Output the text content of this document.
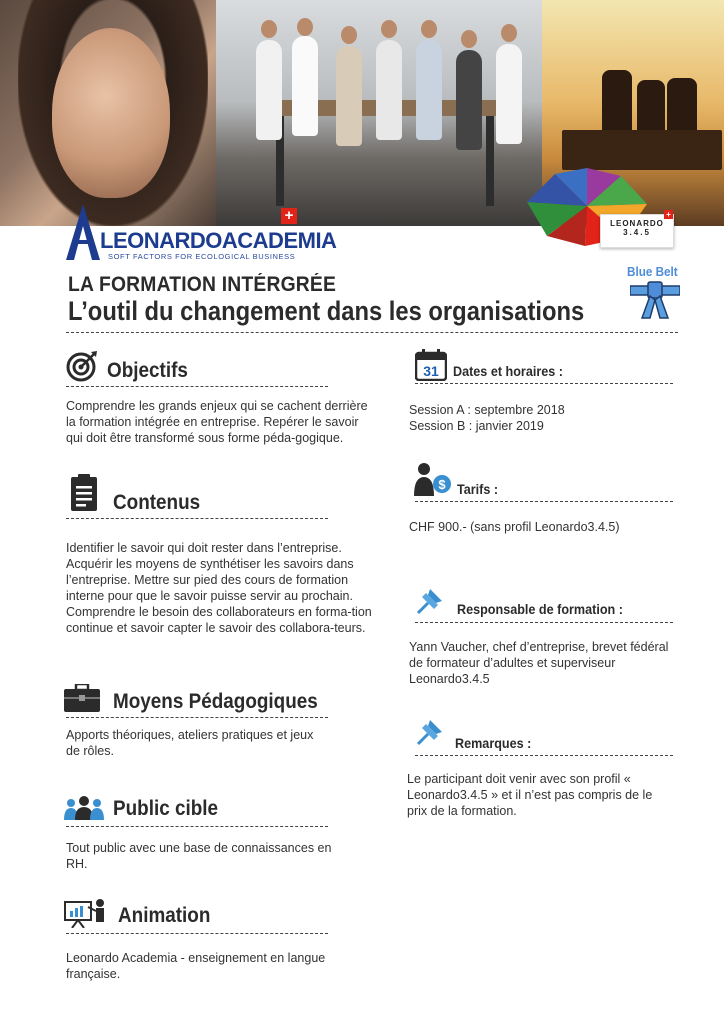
+	LEONARDO
3.4.5
+
LEONARDOACADEMIA
SOFT FACTORS FOR ECOLOGICAL BUSINESS
LA FORMATION INTÉRGRÉE
L’outil du changement dans les organisations
Blue Belt
Objectifs
Comprendre les grands enjeux qui se cachent derrière la formation intégrée en entreprise. Repérer le savoir qui doit être transformé sous forme péda-gogique.
Contenus
Identifier le savoir qui doit rester dans l’entreprise. Acquérir les moyens de synthétiser les savoirs dans l’entreprise. Mettre sur pied des cours de formation interne pour que le savoir puisse servir au prochain. Comprendre le besoin des collaborateurs en forma-tion continue et savoir capter le savoir des collabora-teurs.
Moyens Pédagogiques
Apports théoriques, ateliers pratiques et jeux de rôles.
Public cible
Tout public avec une base de connaissances en RH.
Animation
Leonardo Academia - enseignement en langue française.
31 Dates et horaires :
Session A : septembre 2018
Session B : janvier 2019
$ Tarifs :
CHF 900.- (sans profil Leonardo3.4.5)
Responsable de formation :
Yann Vaucher, chef d’entreprise, brevet fédéral de formateur d’adultes et superviseur Leonardo3.4.5
Remarques :
Le participant doit venir avec son profil « Leonardo3.4.5 » et il n’est pas compris de le prix de la formation.
